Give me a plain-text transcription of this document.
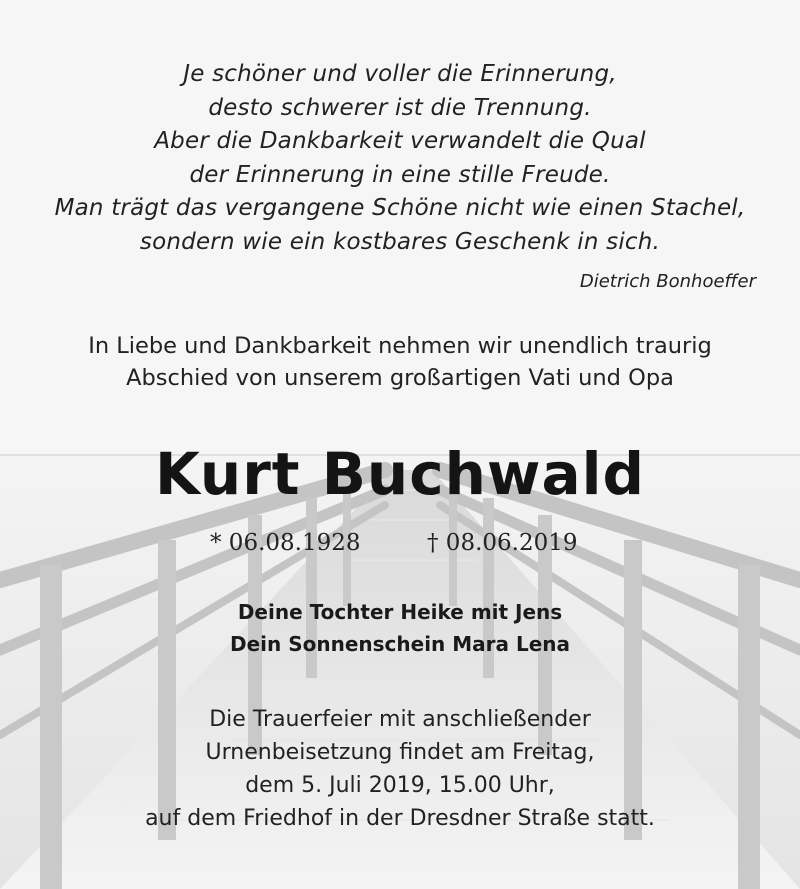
Je schöner und voller die Erinnerung,
desto schwerer ist die Trennung.
Aber die Dankbarkeit verwandelt die Qual
der Erinnerung in eine stille Freude.
Man trägt das vergangene Schöne nicht wie einen Stachel,
sondern wie ein kostbares Geschenk in sich.
Dietrich Bonhoeffer
In Liebe und Dankbarkeit nehmen wir unendlich traurig
Abschied von unserem großartigen Vati und Opa
Kurt Buchwald
* 06.08.1928	† 08.06.2019
Deine Tochter Heike mit Jens
Dein Sonnenschein Mara Lena
Die Trauerfeier mit anschließender
Urnenbeisetzung findet am Freitag,
dem 5. Juli 2019, 15.00 Uhr,
auf dem Friedhof in der Dresdner Straße statt.
